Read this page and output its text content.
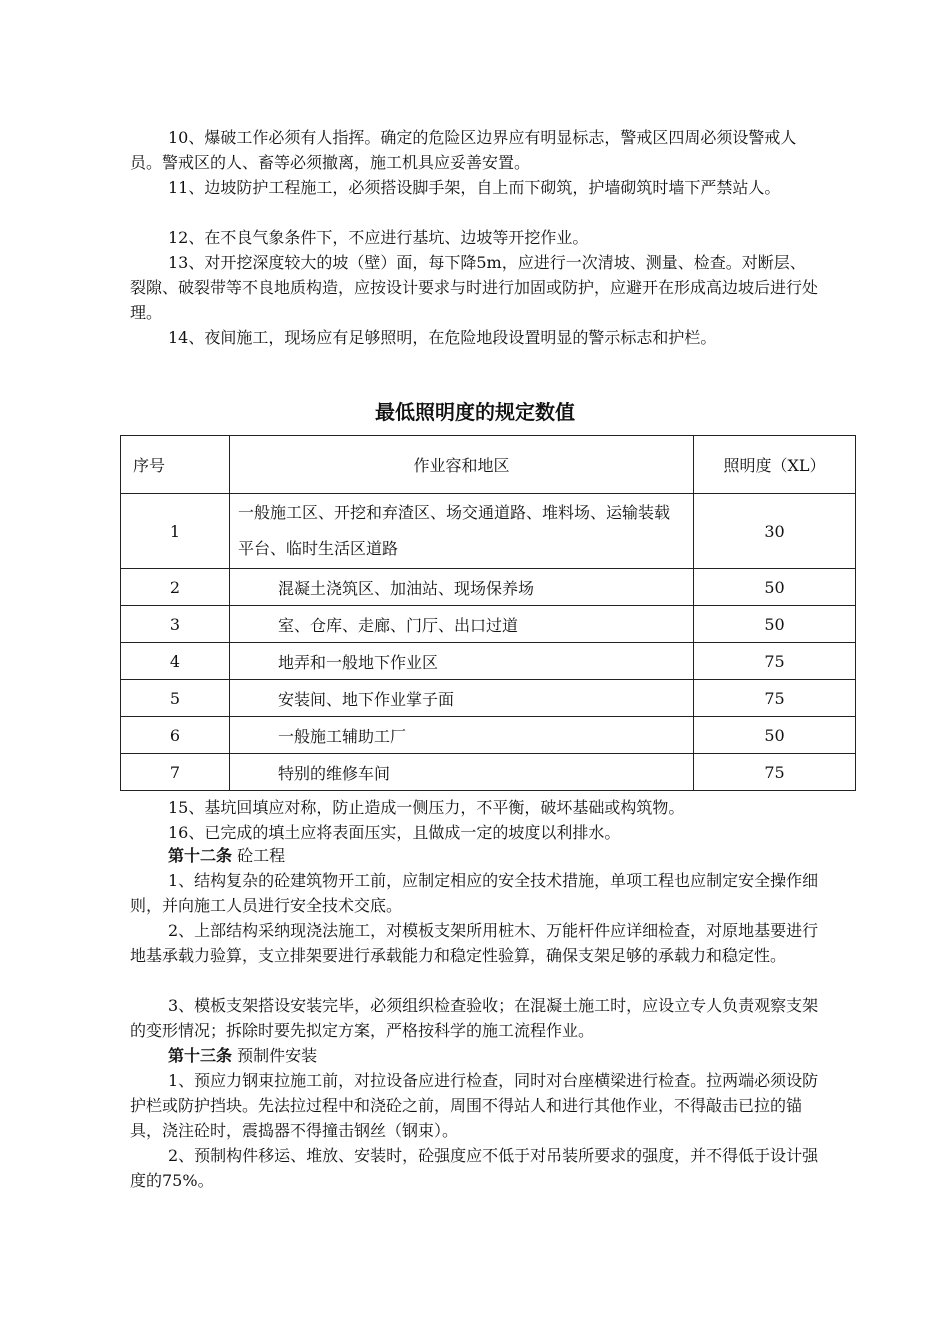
10、爆破工作必须有人指挥。确定的危险区边界应有明显标志，警戒区四周必须设警戒人员。警戒区的人、畜等必须撤离，施工机具应妥善安置。

11、边坡防护工程施工，必须搭设脚手架，自上而下砌筑，护墙砌筑时墙下严禁站人。

12、在不良气象条件下，不应进行基坑、边坡等开挖作业。

13、对开挖深度较大的坡（壁）面，每下降5m，应进行一次清坡、测量、检查。对断层、裂隙、破裂带等不良地质构造，应按设计要求与时进行加固或防护，应避开在形成高边坡后进行处理。

14、夜间施工，现场应有足够照明，在危险地段设置明显的警示标志和护栏。

最低照明度的规定数值
序号	作业容和地区	照明度（XL）
1	一般施工区、开挖和弃渣区、场交通道路、堆料场、运输装载平台、临时生活区道路	30
2	混凝土浇筑区、加油站、现场保养场	50
3	室、仓库、走廊、门厅、出口过道	50
4	地弄和一般地下作业区	75
5	安装间、地下作业掌子面	75
6	一般施工辅助工厂	50
7	特别的维修车间	75

15、基坑回填应对称，防止造成一侧压力，不平衡，破坏基础或构筑物。

16、已完成的填土应将表面压实，且做成一定的坡度以利排水。

第十二条 砼工程

1、结构复杂的砼建筑物开工前，应制定相应的安全技术措施，单项工程也应制定安全操作细则，并向施工人员进行安全技术交底。

2、上部结构采纳现浇法施工，对模板支架所用桩木、万能杆件应详细检查，对原地基要进行地基承载力验算，支立排架要进行承载能力和稳定性验算，确保支架足够的承载力和稳定性。

3、模板支架搭设安装完毕，必须组织检查验收；在混凝土施工时，应设立专人负责观察支架的变形情况；拆除时要先拟定方案，严格按科学的施工流程作业。

第十三条 预制件安装

1、预应力钢束拉施工前，对拉设备应进行检查，同时对台座横梁进行检查。拉两端必须设防护栏或防护挡块。先法拉过程中和浇砼之前，周围不得站人和进行其他作业，不得敲击已拉的锚具，浇注砼时，震捣器不得撞击钢丝（钢束）。

2、预制构件移运、堆放、安装时，砼强度应不低于对吊装所要求的强度，并不得低于设计强度的75%。
